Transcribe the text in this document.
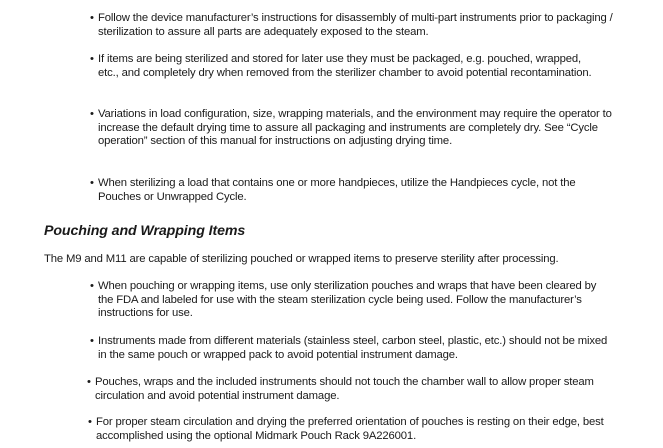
• Follow the device manufacturer’s instructions for disassembly of multi-part instruments prior to packaging / sterilization to assure all parts are adequately exposed to the steam.

• If items are being sterilized and stored for later use they must be packaged, e.g. pouched, wrapped, etc., and completely dry when removed from the sterilizer chamber to avoid potential recontamination.

• Variations in load configuration, size, wrapping materials, and the environment may require the operator to increase the default drying time to assure all packaging and instruments are completely dry. See “Cycle operation” section of this manual for instructions on adjusting drying time.

• When sterilizing a load that contains one or more handpieces, utilize the Handpieces cycle, not the Pouches or Unwrapped Cycle.

Pouching and Wrapping Items

The M9 and M11 are capable of sterilizing pouched or wrapped items to preserve sterility after processing.

• When pouching or wrapping items, use only sterilization pouches and wraps that have been cleared by the FDA and labeled for use with the steam sterilization cycle being used. Follow the manufacturer’s instructions for use.

• Instruments made from different materials (stainless steel, carbon steel, plastic, etc.) should not be mixed in the same pouch or wrapped pack to avoid potential instrument damage.

• Pouches, wraps and the included instruments should not touch the chamber wall to allow proper steam circulation and avoid potential instrument damage.

• For proper steam circulation and drying the preferred orientation of pouches is resting on their edge, best accomplished using the optional Midmark Pouch Rack 9A226001.
